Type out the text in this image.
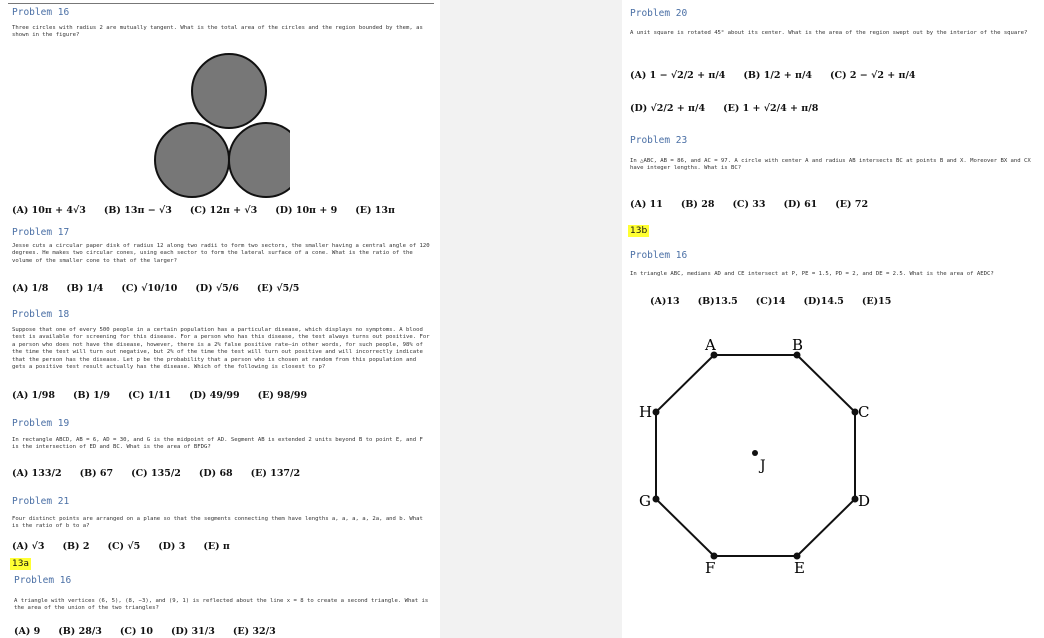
Problem 16
Three circles with radius 2 are mutually tangent. What is the total area of the circles and the region bounded by them, as shown in the figure?
(A) 10π + 4√3 (B) 13π − √3 (C) 12π + √3 (D) 10π + 9 (E) 13π
Problem 17
Jesse cuts a circular paper disk of radius 12 along two radii to form two sectors, the smaller having a central angle of 120 degrees. He makes two circular cones, using each sector to form the lateral surface of a cone. What is the ratio of the volume of the smaller cone to that of the larger?
(A) 1/8 (B) 1/4 (C) √10/10 (D) √5/6 (E) √5/5
Problem 18
Suppose that one of every 500 people in a certain population has a particular disease, which displays no symptoms. A blood test is available for screening for this disease. For a person who has this disease, the test always turns out positive. For a person who does not have the disease, however, there is a 2% false positive rate—in other words, for such people, 98% of the time the test will turn out negative, but 2% of the time the test will turn out positive and will incorrectly indicate that the person has the disease. Let p be the probability that a person who is chosen at random from this population and gets a positive test result actually has the disease. Which of the following is closest to p?
(A) 1/98 (B) 1/9 (C) 1/11 (D) 49/99 (E) 98/99
Problem 19
In rectangle ABCD, AB = 6, AD = 30, and G is the midpoint of AD. Segment AB is extended 2 units beyond B to point E, and F is the intersection of ED and BC. What is the area of BFDG?
(A) 133/2 (B) 67 (C) 135/2 (D) 68 (E) 137/2
Problem 21
Four distinct points are arranged on a plane so that the segments connecting them have lengths a, a, a, a, 2a, and b. What is the ratio of b to a?
(A) √3 (B) 2 (C) √5 (D) 3 (E) π
13a
Problem 16
A triangle with vertices (6, 5), (8, −3), and (9, 1) is reflected about the line x = 8 to create a second triangle. What is the area of the union of the two triangles?
(A) 9 (B) 28/3 (C) 10 (D) 31/3 (E) 32/3
Problem 20
A unit square is rotated 45° about its center. What is the area of the region swept out by the interior of the square?
(A) 1 − √2/2 + π/4 (B) 1/2 + π/4 (C) 2 − √2 + π/4
(D) √2/2 + π/4 (E) 1 + √2/4 + π/8
Problem 23
In △ABC, AB = 86, and AC = 97. A circle with center A and radius AB intersects BC at points B and X. Moreover BX and CX have integer lengths. What is BC?
(A) 11 (B) 28 (C) 33 (D) 61 (E) 72
13b
Problem 16
In triangle ABC, medians AD and CE intersect at P, PE = 1.5, PD = 2, and DE = 2.5. What is the area of AEDC?
(A)13 (B)13.5 (C)14 (D)14.5 (E)15
A	B
C
D
E
F
G
H
J
